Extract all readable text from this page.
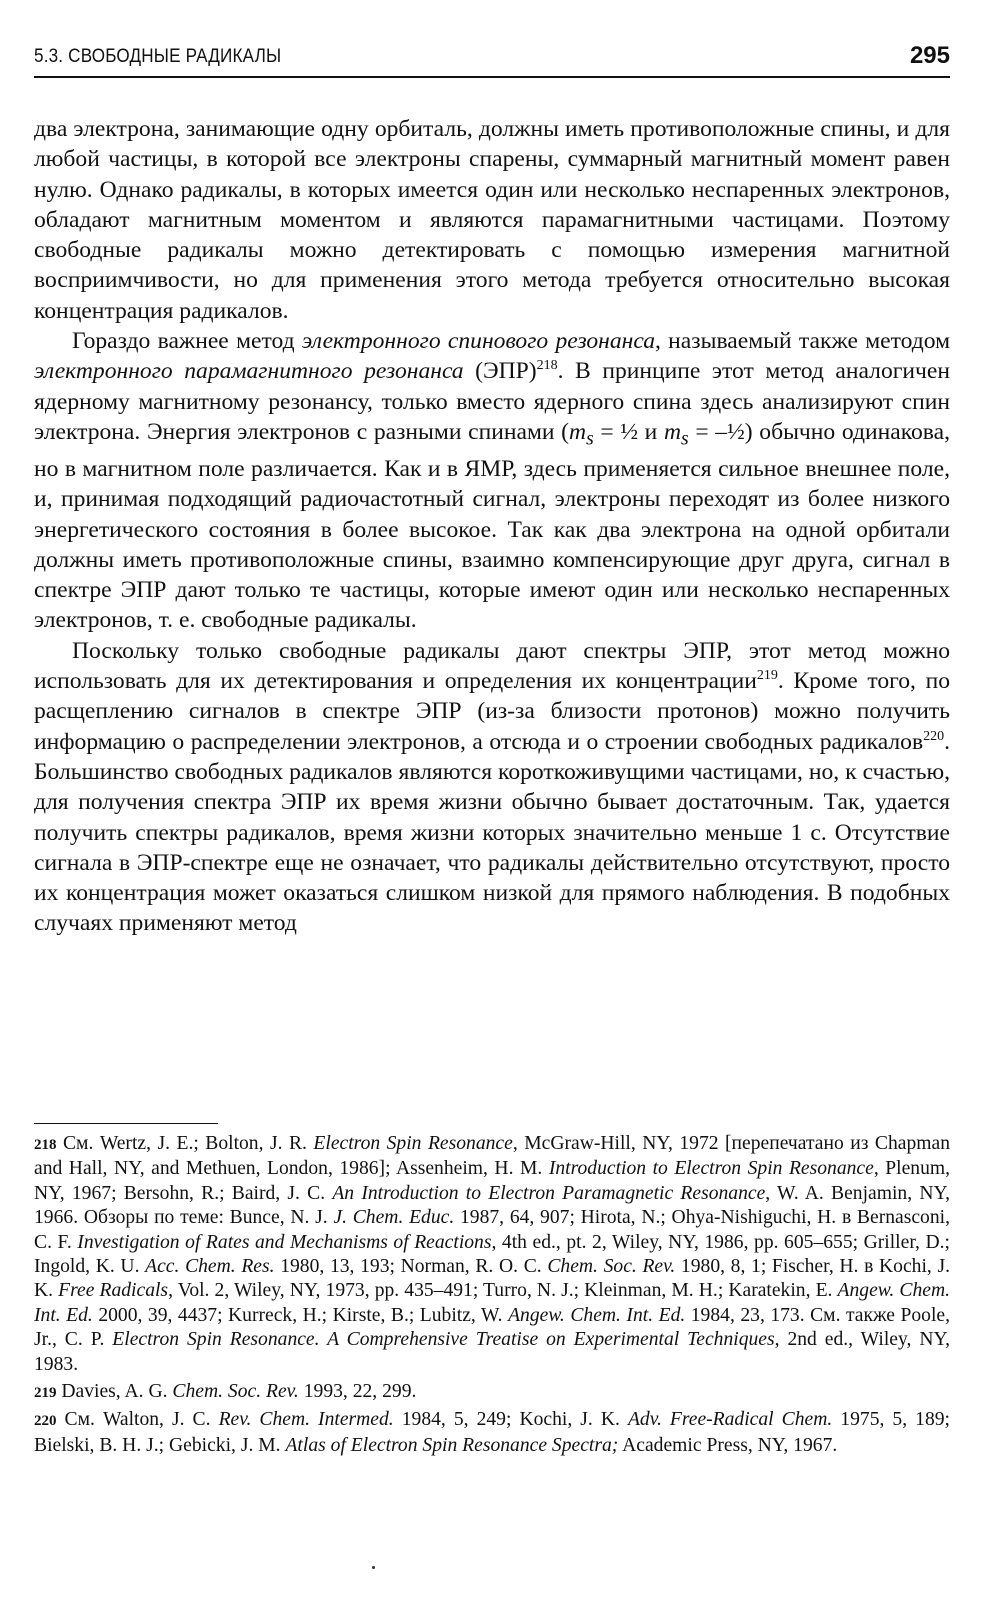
5.3. СВОБОДНЫЕ РАДИКАЛЫ	295

два электрона, занимающие одну орбиталь, должны иметь противоположные спины, и для любой частицы, в которой все электроны спарены, суммарный магнитный момент равен нулю. Однако радикалы, в которых имеется один или несколько неспаренных электронов, обладают магнитным моментом и являются парамагнитными частицами. Поэтому свободные радикалы можно детектировать с помощью измерения магнитной восприимчивости, но для применения этого метода требуется относительно высокая концентрация радикалов.

Гораздо важнее метод электронного спинового резонанса, называемый также методом электронного парамагнитного резонанса (ЭПР)$^{218}$. В принципе этот метод аналогичен ядерному магнитному резонансу, только вместо ядерного спина здесь анализируют спин электрона. Энергия электронов с разными спинами ($m_s$ = ½ и $m_s$ = –½) обычно одинакова, но в магнитном поле различается. Как и в ЯМР, здесь применяется сильное внешнее поле, и, принимая подходящий радиочастотный сигнал, электроны переходят из более низкого энергетического состояния в более высокое. Так как два электрона на одной орбитали должны иметь противоположные спины, взаимно компенсирующие друг друга, сигнал в спектре ЭПР дают только те частицы, которые имеют один или несколько неспаренных электронов, т. е. свободные радикалы.

Поскольку только свободные радикалы дают спектры ЭПР, этот метод можно использовать для их детектирования и определения их концентрации$^{219}$. Кроме того, по расщеплению сигналов в спектре ЭПР (из-за близости протонов) можно получить информацию о распределении электронов, а отсюда и о строении свободных радикалов$^{220}$. Большинство свободных радикалов являются короткоживущими частицами, но, к счастью, для получения спектра ЭПР их время жизни обычно бывает достаточным. Так, удается получить спектры радикалов, время жизни которых значительно меньше 1 с. Отсутствие сигнала в ЭПР-спектре еще не означает, что радикалы действительно отсутствуют, просто их концентрация может оказаться слишком низкой для прямого наблюдения. В подобных случаях применяют метод

218 См. Wertz, J. E.; Bolton, J. R. Electron Spin Resonance, McGraw-Hill, NY, 1972 [перепечатано из Chapman and Hall, NY, and Methuen, London, 1986]; Assenheim, H. M. Introduction to Electron Spin Resonance, Plenum, NY, 1967; Bersohn, R.; Baird, J. C. An Introduction to Electron Paramagnetic Resonance, W. A. Benjamin, NY, 1966. Обзоры по теме: Bunce, N. J. J. Chem. Educ. 1987, 64, 907; Hirota, N.; Ohya-Nishiguchi, H. в Bernasconi, C. F. Investigation of Rates and Mechanisms of Reactions, 4th ed., pt. 2, Wiley, NY, 1986, pp. 605–655; Griller, D.; Ingold, K. U. Acc. Chem. Res. 1980, 13, 193; Norman, R. O. C. Chem. Soc. Rev. 1980, 8, 1; Fischer, H. в Kochi, J. K. Free Radicals, Vol. 2, Wiley, NY, 1973, pp. 435–491; Turro, N. J.; Kleinman, M. H.; Karatekin, E. Angew. Chem. Int. Ed. 2000, 39, 4437; Kurreck, H.; Kirste, B.; Lubitz, W. Angew. Chem. Int. Ed. 1984, 23, 173. См. также Poole, Jr., C. P. Electron Spin Resonance. A Comprehensive Treatise on Experimental Techniques, 2nd ed., Wiley, NY, 1983.

219 Davies, A. G. Chem. Soc. Rev. 1993, 22, 299.

220 См. Walton, J. C. Rev. Chem. Intermed. 1984, 5, 249; Kochi, J. K. Adv. Free-Radical Chem. 1975, 5, 189; Bielski, B. H. J.; Gebicki, J. M. Atlas of Electron Spin Resonance Spectra; Academic Press, NY, 1967.
